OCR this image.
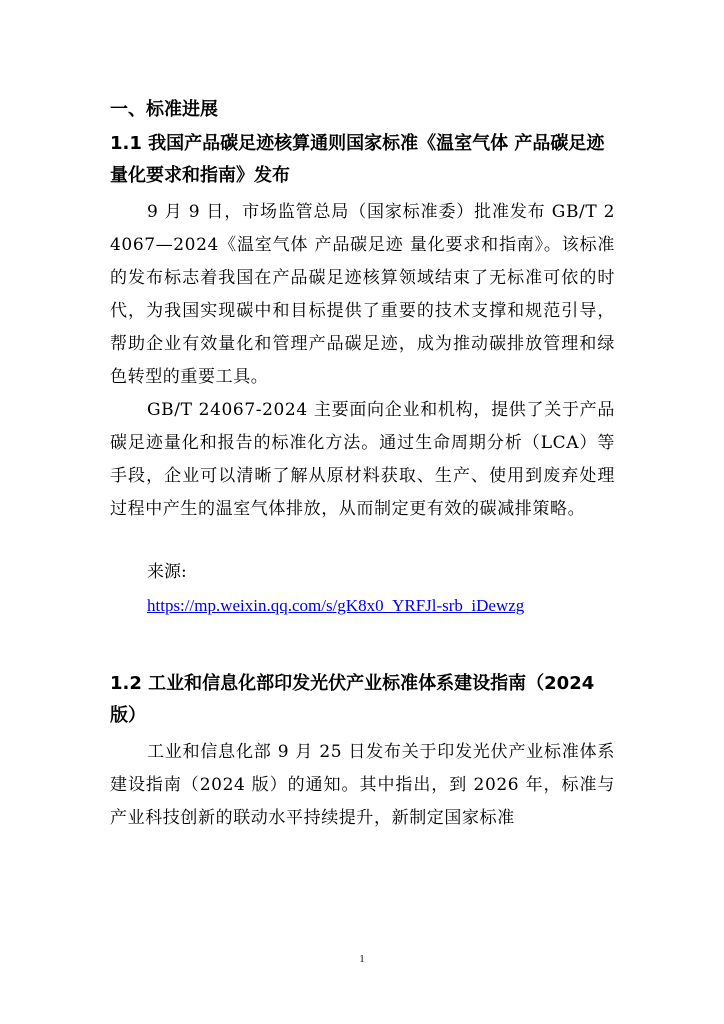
一、标准进展
1.1 我国产品碳足迹核算通则国家标准《温室气体 产品碳足迹 量化要求和指南》发布

9 月 9 日，市场监管总局（国家标准委）批准发布 GB/T 24067—2024《温室气体 产品碳足迹 量化要求和指南》。该标准的发布标志着我国在产品碳足迹核算领域结束了无标准可依的时代，为我国实现碳中和目标提供了重要的技术支撑和规范引导，帮助企业有效量化和管理产品碳足迹，成为推动碳排放管理和绿色转型的重要工具。

GB/T 24067-2024 主要面向企业和机构，提供了关于产品碳足迹量化和报告的标准化方法。通过生命周期分析（LCA）等手段，企业可以清晰了解从原材料获取、生产、使用到废弃处理过程中产生的温室气体排放，从而制定更有效的碳减排策略。

来源:
https://mp.weixin.qq.com/s/gK8x0_YRFJl-srb_iDewzg
1.2 工业和信息化部印发光伏产业标准体系建设指南（2024版）

工业和信息化部 9 月 25 日发布关于印发光伏产业标准体系建设指南（2024 版）的通知。其中指出，到 2026 年，标准与产业科技创新的联动水平持续提升，新制定国家标准

1
